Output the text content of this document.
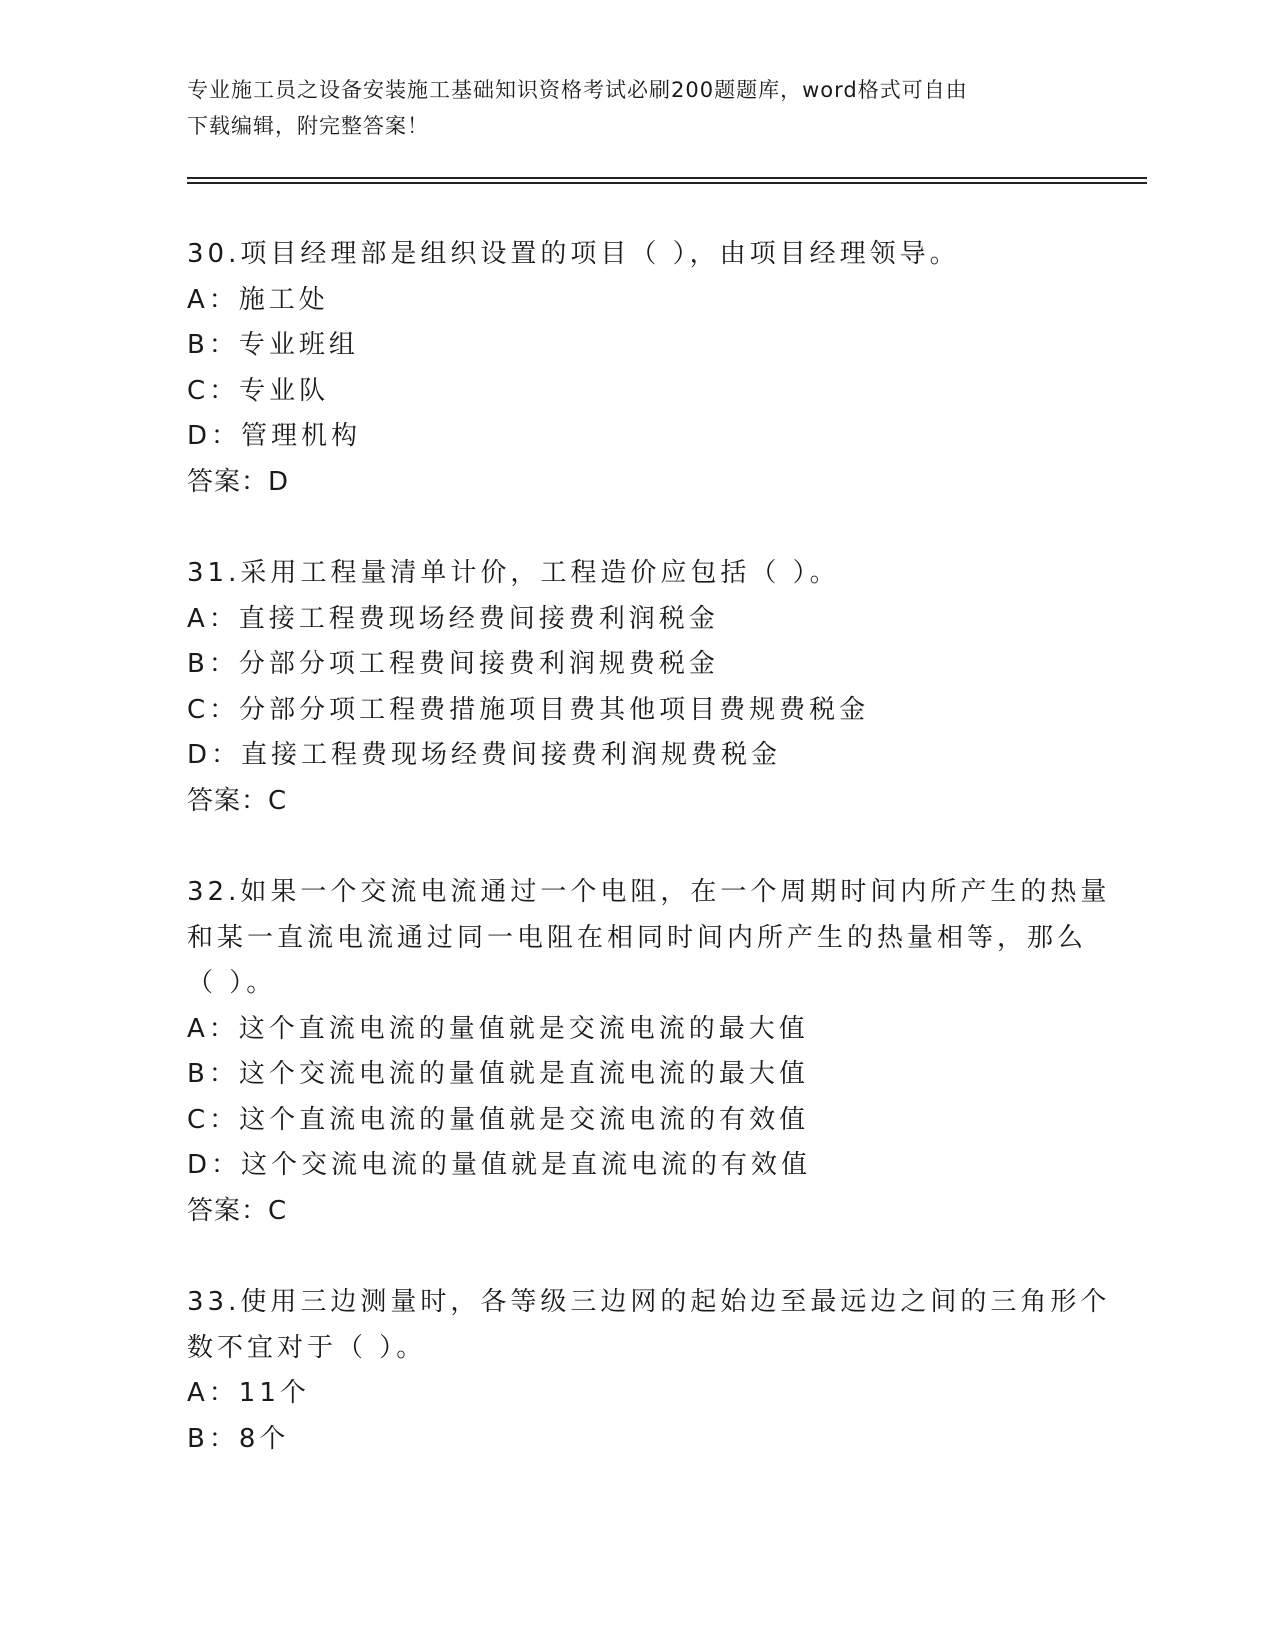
专业施工员之设备安装施工基础知识资格考试必刷200题题库，word格式可自由
下载编辑，附完整答案！
30.项目经理部是组织设置的项目（ ），由项目经理领导。
A：施工处
B：专业班组
C：专业队
D：管理机构
答案：D
31.采用工程量清单计价，工程造价应包括（ ）。
A：直接工程费现场经费间接费利润税金
B：分部分项工程费间接费利润规费税金
C：分部分项工程费措施项目费其他项目费规费税金
D：直接工程费现场经费间接费利润规费税金
答案：C
32.如果一个交流电流通过一个电阻，在一个周期时间内所产生的热量
和某一直流电流通过同一电阻在相同时间内所产生的热量相等，那么
（ ）。
A：这个直流电流的量值就是交流电流的最大值
B：这个交流电流的量值就是直流电流的最大值
C：这个直流电流的量值就是交流电流的有效值
D：这个交流电流的量值就是直流电流的有效值
答案：C
33.使用三边测量时，各等级三边网的起始边至最远边之间的三角形个
数不宜对于（ ）。
A：11个
B：8个
